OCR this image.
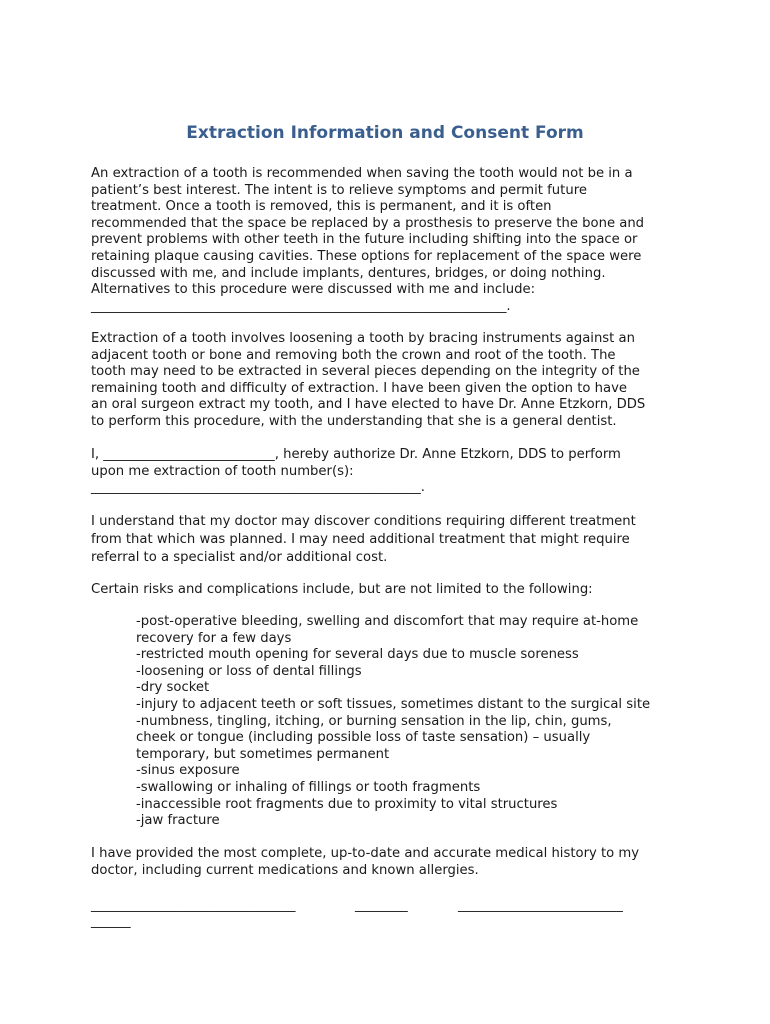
Extraction Information and Consent Form

An extraction of a tooth is recommended when saving the tooth would not be in a
patient’s best interest. The intent is to relieve symptoms and permit future
treatment. Once a tooth is removed, this is permanent, and it is often
recommended that the space be replaced by a prosthesis to preserve the bone and
prevent problems with other teeth in the future including shifting into the space or
retaining plaque causing cavities. These options for replacement of the space were
discussed with me, and include implants, dentures, bridges, or doing nothing.
Alternatives to this procedure were discussed with me and include:
_______________________________________________________________.

Extraction of a tooth involves loosening a tooth by bracing instruments against an
adjacent tooth or bone and removing both the crown and root of the tooth. The
tooth may need to be extracted in several pieces depending on the integrity of the
remaining tooth and difficulty of extraction. I have been given the option to have
an oral surgeon extract my tooth, and I have elected to have Dr. Anne Etzkorn, DDS
to perform this procedure, with the understanding that she is a general dentist.

I, __________________________, hereby authorize Dr. Anne Etzkorn, DDS to perform
upon me extraction of tooth number(s):
__________________________________________________.

I understand that my doctor may discover conditions requiring different treatment
from that which was planned. I may need additional treatment that might require
referral to a specialist and/or additional cost.

Certain risks and complications include, but are not limited to the following:

-post-operative bleeding, swelling and discomfort that may require at-home
recovery for a few days
-restricted mouth opening for several days due to muscle soreness
-loosening or loss of dental fillings
-dry socket
-injury to adjacent teeth or soft tissues, sometimes distant to the surgical site
-numbness, tingling, itching, or burning sensation in the lip, chin, gums,
cheek or tongue (including possible loss of taste sensation) – usually
temporary, but sometimes permanent
-sinus exposure
-swallowing or inhaling of fillings or tooth fragments
-inaccessible root fragments due to proximity to vital structures
-jaw fracture

I have provided the most complete, up-to-date and accurate medical history to my
doctor, including current medications and known allergies.

_______________________________	________	_________________________
______
